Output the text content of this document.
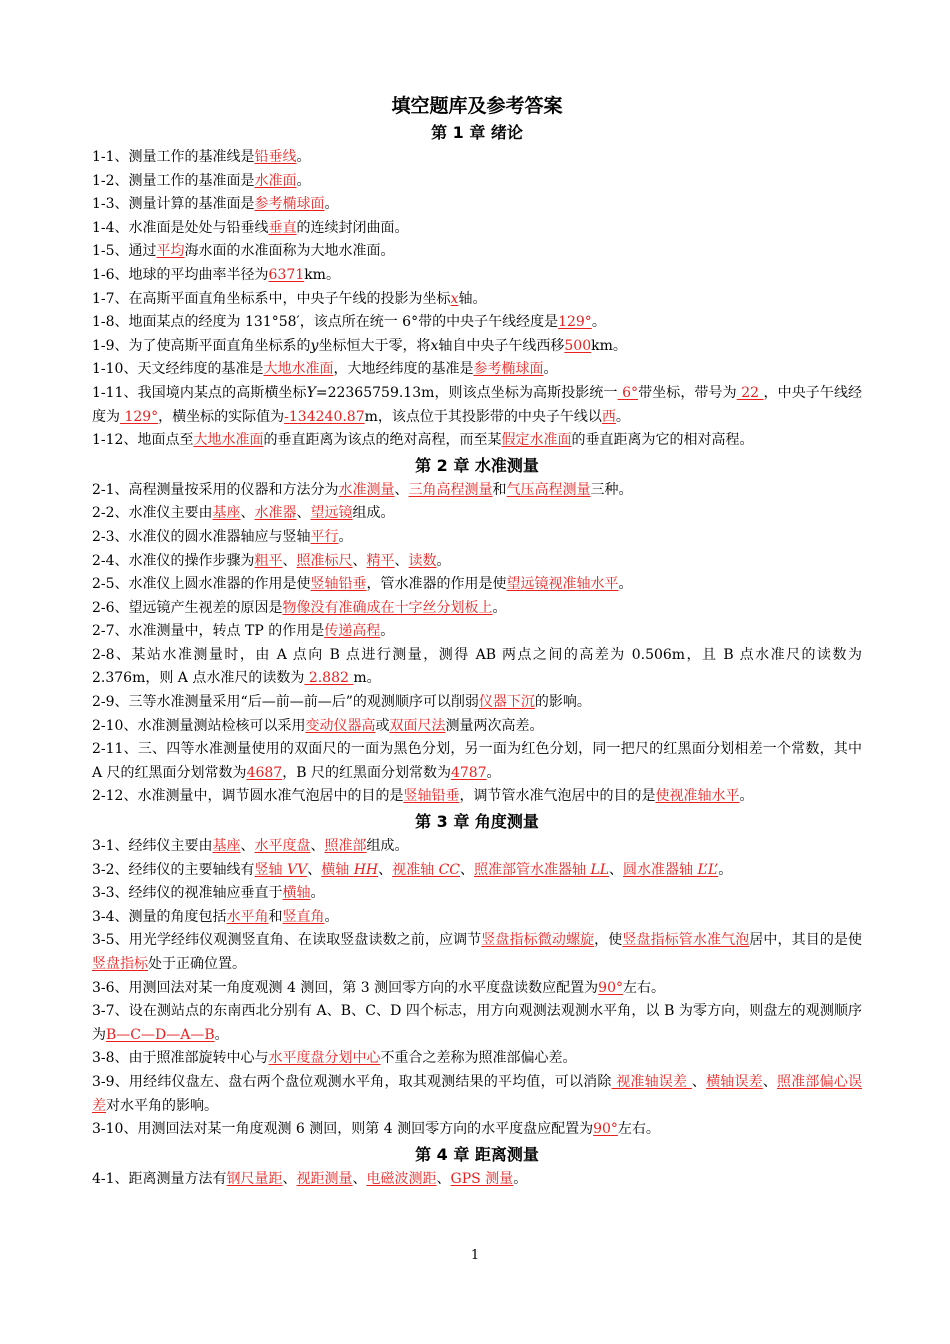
填空题库及参考答案
第 1 章 绪论

1-1、测量工作的基准线是铅垂线。

1-2、测量工作的基准面是水准面。

1-3、测量计算的基准面是参考椭球面。

1-4、水准面是处处与铅垂线垂直的连续封闭曲面。

1-5、通过平均海水面的水准面称为大地水准面。

1-6、地球的平均曲率半径为6371km。

1-7、在高斯平面直角坐标系中，中央子午线的投影为坐标x轴。

1-8、地面某点的经度为 131°58′，该点所在统一 6°带的中央子午线经度是129°。

1-9、为了使高斯平面直角坐标系的y坐标恒大于零，将x轴自中央子午线西移500km。

1-10、天文经纬度的基准是大地水准面，大地经纬度的基准是参考椭球面。

1-11、我国境内某点的高斯横坐标Y=22365759.13m，则该点坐标为高斯投影统一 6°带坐标，带号为 22 ，中央子午线经度为 129°，横坐标的实际值为-134240.87m，该点位于其投影带的中央子午线以西。

1-12、地面点至大地水准面的垂直距离为该点的绝对高程，而至某假定水准面的垂直距离为它的相对高程。

第 2 章 水准测量

2-1、高程测量按采用的仪器和方法分为水准测量、三角高程测量和气压高程测量三种。

2-2、水准仪主要由基座、水准器、望远镜组成。

2-3、水准仪的圆水准器轴应与竖轴平行。

2-4、水准仪的操作步骤为粗平、照准标尺、精平、读数。

2-5、水准仪上圆水准器的作用是使竖轴铅垂，管水准器的作用是使望远镜视准轴水平。

2-6、望远镜产生视差的原因是物像没有准确成在十字丝分划板上。

2-7、水准测量中，转点 TP 的作用是传递高程。

2-8、某站水准测量时，由 A 点向 B 点进行测量，测得 AB 两点之间的高差为 0.506m，且 B 点水准尺的读数为 2.376m，则 A 点水准尺的读数为 2.882 m。

2-9、三等水准测量采用“后—前—前—后”的观测顺序可以削弱仪器下沉的影响。

2-10、水准测量测站检核可以采用变动仪器高或双面尺法测量两次高差。

2-11、三、四等水准测量使用的双面尺的一面为黑色分划，另一面为红色分划，同一把尺的红黑面分划相差一个常数，其中 A 尺的红黑面分划常数为4687，B 尺的红黑面分划常数为4787。

2-12、水准测量中，调节圆水准气泡居中的目的是竖轴铅垂，调节管水准气泡居中的目的是使视准轴水平。

第 3 章 角度测量

3-1、经纬仪主要由基座、水平度盘、照准部组成。

3-2、经纬仪的主要轴线有竖轴 VV、横轴 HH、视准轴 CC、照准部管水准器轴 LL、圆水准器轴 L’L’。

3-3、经纬仪的视准轴应垂直于横轴。

3-4、测量的角度包括水平角和竖直角。

3-5、用光学经纬仪观测竖直角、在读取竖盘读数之前，应调节竖盘指标微动螺旋，使竖盘指标管水准气泡居中，其目的是使竖盘指标处于正确位置。

3-6、用测回法对某一角度观测 4 测回，第 3 测回零方向的水平度盘读数应配置为90°左右。

3-7、设在测站点的东南西北分别有 A、B、C、D 四个标志，用方向观测法观测水平角，以 B 为零方向，则盘左的观测顺序为B—C—D—A—B。

3-8、由于照准部旋转中心与水平度盘分划中心不重合之差称为照准部偏心差。

3-9、用经纬仪盘左、盘右两个盘位观测水平角，取其观测结果的平均值，可以消除 视准轴误差 、横轴误差、照准部偏心误差对水平角的影响。

3-10、用测回法对某一角度观测 6 测回，则第 4 测回零方向的水平度盘应配置为90°左右。

第 4 章 距离测量

4-1、距离测量方法有钢尺量距、视距测量、电磁波测距、GPS 测量。

1
